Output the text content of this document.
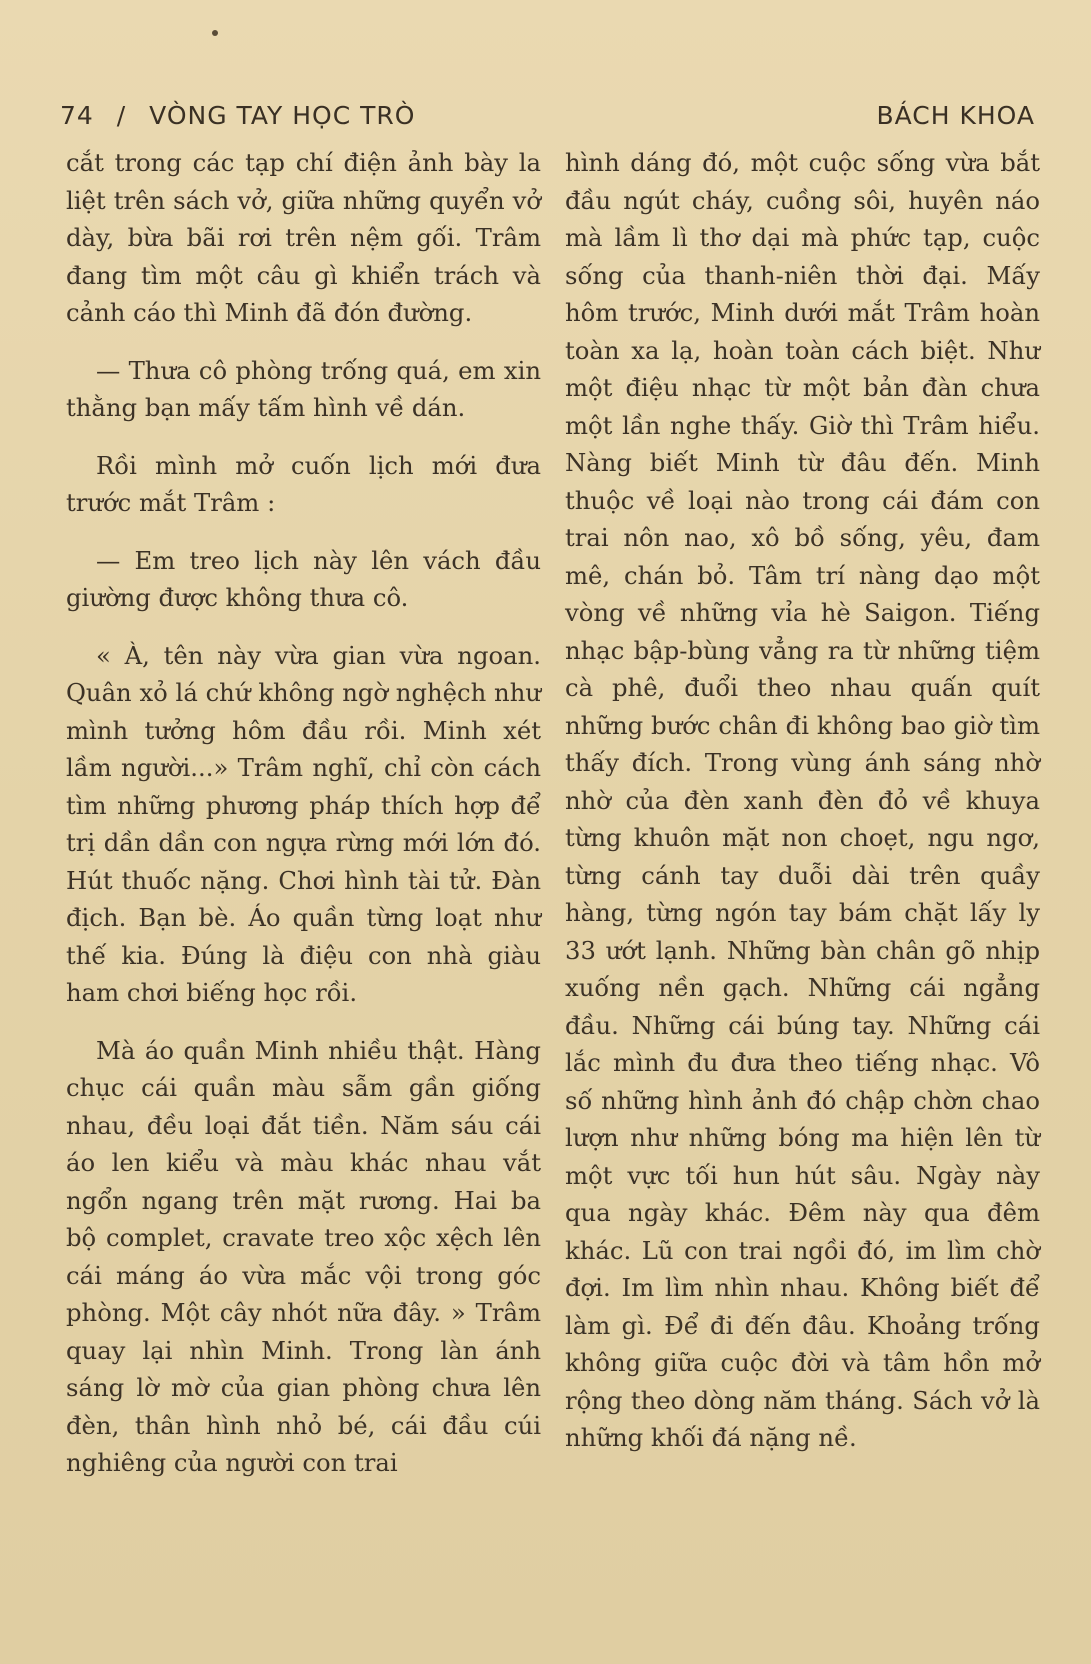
74 / VÒNG TAY HỌC TRÒ	BÁCH KHOA

cắt trong các tạp chí điện ảnh bày la liệt trên sách vở, giữa những quyển vở dày, bừa bãi rơi trên nệm gối. Trâm đang tìm một câu gì khiển trách và cảnh cáo thì Minh đã đón đường.

— Thưa cô phòng trống quá, em xin thằng bạn mấy tấm hình về dán.

Rồi mình mở cuốn lịch mới đưa trước mắt Trâm :

— Em treo lịch này lên vách đầu giường được không thưa cô.

« À, tên này vừa gian vừa ngoan. Quân xỏ lá chứ không ngờ nghệch như mình tưởng hôm đầu rồi. Minh xét lầm người...» Trâm nghĩ, chỉ còn cách tìm những phương pháp thích hợp để trị dần dần con ngựa rừng mới lớn đó. Hút thuốc nặng. Chơi hình tài tử. Đàn địch. Bạn bè. Áo quần từng loạt như thế kia. Đúng là điệu con nhà giàu ham chơi biếng học rồi.

Mà áo quần Minh nhiều thật. Hàng chục cái quần màu sẫm gần giống nhau, đều loại đắt tiền. Năm sáu cái áo len kiểu và màu khác nhau vắt ngổn ngang trên mặt rương. Hai ba bộ complet, cravate treo xộc xệch lên cái máng áo vừa mắc vội trong góc phòng. Một cây nhót nữa đây. » Trâm quay lại nhìn Minh. Trong làn ánh sáng lờ mờ của gian phòng chưa lên đèn, thân hình nhỏ bé, cái đầu cúi nghiêng của người con trai

hình dáng đó, một cuộc sống vừa bắt đầu ngút cháy, cuồng sôi, huyên náo mà lầm lì thơ dại mà phức tạp, cuộc sống của thanh-niên thời đại. Mấy hôm trước, Minh dưới mắt Trâm hoàn toàn xa lạ, hoàn toàn cách biệt. Như một điệu nhạc từ một bản đàn chưa một lần nghe thấy. Giờ thì Trâm hiểu. Nàng biết Minh từ đâu đến. Minh thuộc về loại nào trong cái đám con trai nôn nao, xô bồ sống, yêu, đam mê, chán bỏ. Tâm trí nàng dạo một vòng về những vỉa hè Saigon. Tiếng nhạc bập-bùng vẳng ra từ những tiệm cà phê, đuổi theo nhau quấn quít những bước chân đi không bao giờ tìm thấy đích. Trong vùng ánh sáng nhờ nhờ của đèn xanh đèn đỏ về khuya từng khuôn mặt non choẹt, ngu ngơ, từng cánh tay duỗi dài trên quầy hàng, từng ngón tay bám chặt lấy ly 33 ướt lạnh. Những bàn chân gõ nhịp xuống nền gạch. Những cái ngẳng đầu. Những cái búng tay. Những cái lắc mình đu đưa theo tiếng nhạc. Vô số những hình ảnh đó chập chờn chao lượn như những bóng ma hiện lên từ một vực tối hun hút sâu. Ngày này qua ngày khác. Đêm này qua đêm khác. Lũ con trai ngồi đó, im lìm chờ đợi. Im lìm nhìn nhau. Không biết để làm gì. Để đi đến đâu. Khoảng trống không giữa cuộc đời và tâm hồn mở rộng theo dòng năm tháng. Sách vở là những khối đá nặng nề.
